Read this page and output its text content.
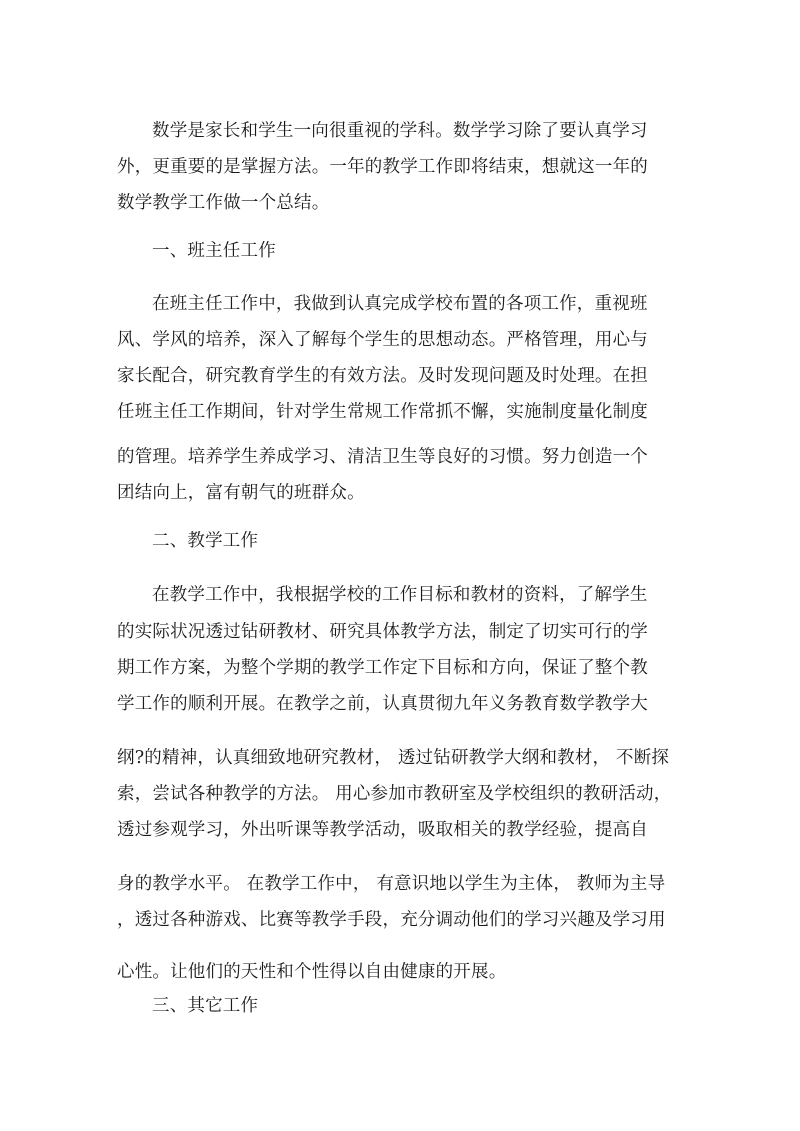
数学是家长和学生一向很重视的学科。数学学习除了要认真学习
外，更重要的是掌握方法。一年的教学工作即将结束，想就这一年的
数学教学工作做一个总结。
一、班主任工作
在班主任工作中，我做到认真完成学校布置的各项工作，重视班
风、学风的培养，深入了解每个学生的思想动态。严格管理，用心与
家长配合，研究教育学生的有效方法。及时发现问题及时处理。在担
任班主任工作期间，针对学生常规工作常抓不懈，实施制度量化制度
的管理。培养学生养成学习、清洁卫生等良好的习惯。努力创造一个
团结向上，富有朝气的班群众。
二、教学工作
在教学工作中，我根据学校的工作目标和教材的资料，了解学生
的实际状况透过钻研教材、研究具体教学方法，制定了切实可行的学
期工作方案，为整个学期的教学工作定下目标和方向，保证了整个教
学工作的顺利开展。在教学之前，认真贯彻九年义务教育数学教学大
纲?的精神，认真细致地研究教材， 透过钻研教学大纲和教材， 不断探
索，尝试各种教学的方法。 用心参加市教研室及学校组织的教研活动，
透过参观学习，外出听课等教学活动，吸取相关的教学经验，提高自
身的教学水平。 在教学工作中， 有意识地以学生为主体， 教师为主导
，透过各种游戏、比赛等教学手段，充分调动他们的学习兴趣及学习用
心性。让他们的天性和个性得以自由健康的开展。
三、其它工作
